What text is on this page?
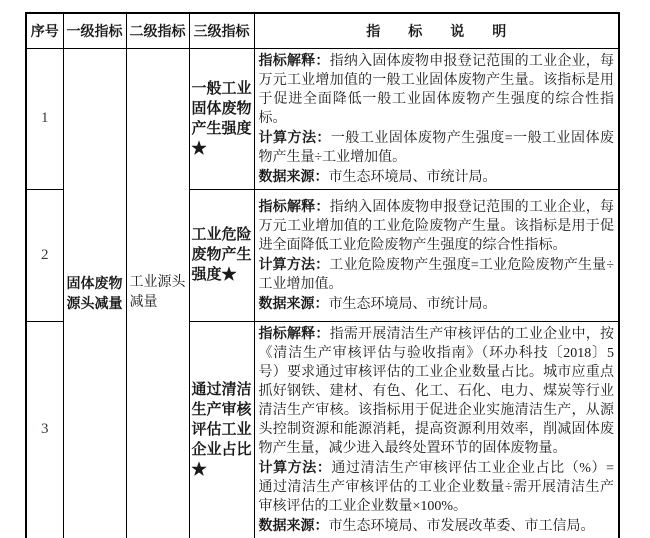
序号	一级指标	二级指标	三级指标	指　　标　　说　　明
1	固体废物源头减量	工业源头减量	一般工业固体废物产生强度★	指标解释：指纳入固体废物申报登记范围的工业企业，每万元工业增加值的一般工业固体废物产生量。该指标是用于促进全面降低一般工业固体废物产生强度的综合性指标。

计算方法：一般工业固体废物产生强度=一般工业固体废物产生量÷工业增加值。

数据来源：市生态环境局、市统计局。

2			工业危险废物产生强度★	指标解释：指纳入固体废物申报登记范围的工业企业，每万元工业增加值的工业危险废物产生量。该指标是用于促进全面降低工业危险废物产生强度的综合性指标。

计算方法：工业危险废物产生强度=工业危险废物产生量÷工业增加值。

数据来源：市生态环境局、市统计局。

3			通过清洁生产审核评估工业企业占比★	指标解释：指需开展清洁生产审核评估的工业企业中，按《清洁生产审核评估与验收指南》（环办科技〔2018〕5 号）要求通过审核评估的工业企业数量占比。城市应重点抓好钢铁、建材、有色、化工、石化、电力、煤炭等行业清洁生产审核。该指标用于促进企业实施清洁生产，从源头控制资源和能源消耗，提高资源利用效率，削减固体废物产生量，减少进入最终处置环节的固体废物量。

计算方法：通过清洁生产审核评估工业企业占比（%）=通过清洁生产审核评估的工业企业数量÷需开展清洁生产审核评估的工业企业数量×100%。

数据来源：市生态环境局、市发展改革委、市工信局。
